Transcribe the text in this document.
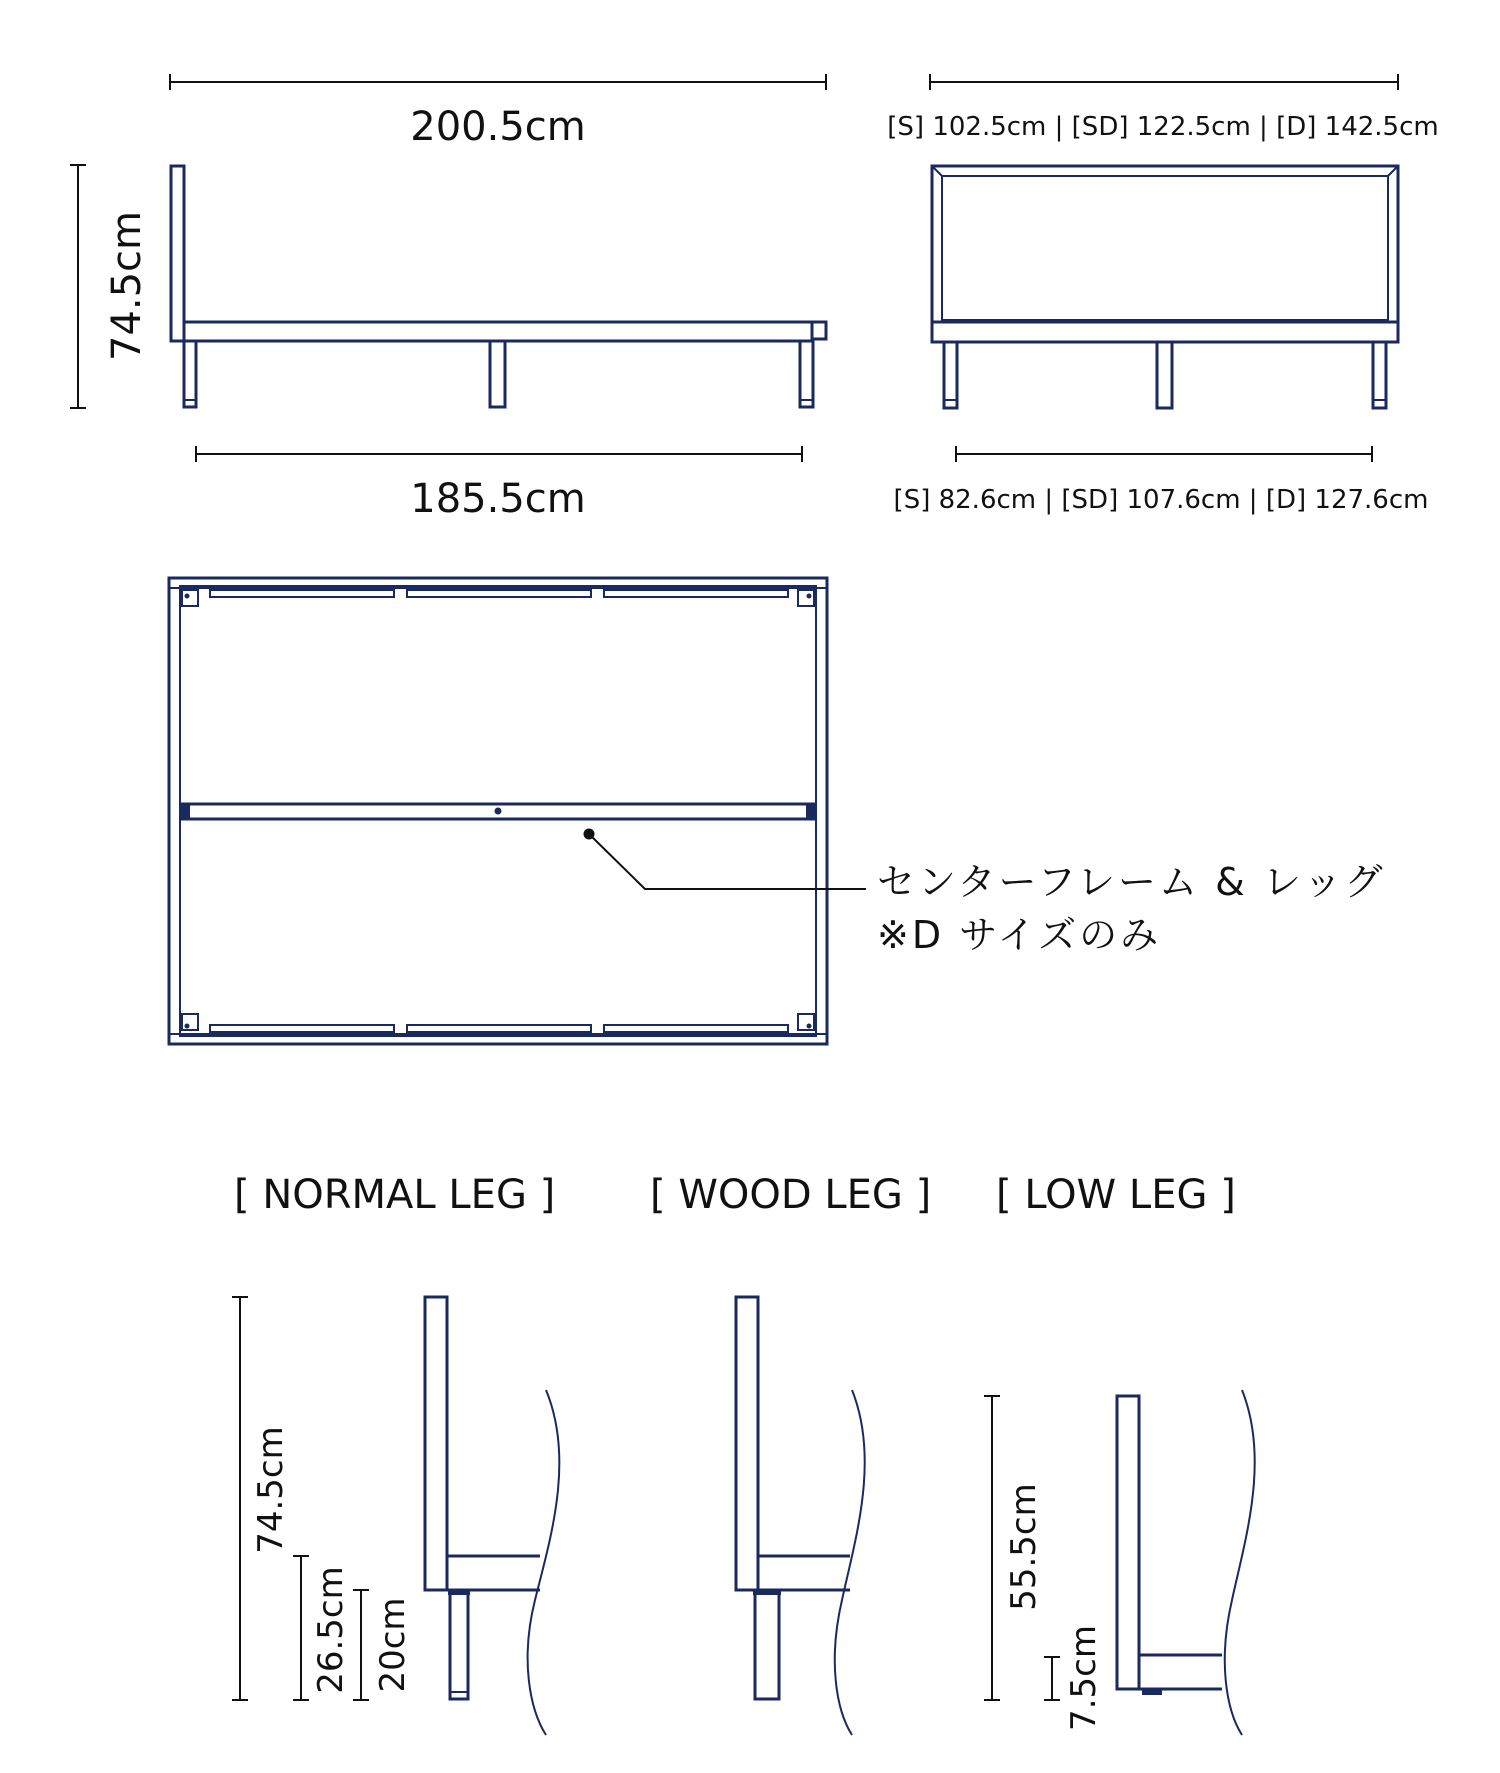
200.5cm
74.5cm
185.5cm
[S] 102.5cm | [SD] 122.5cm | [D] 142.5cm
[S] 82.6cm | [SD] 107.6cm | [D] 127.6cm
センターフレーム & レッグ
※D サイズのみ
[ NORMAL LEG ] [ WOOD LEG ] [ LOW LEG ]
74.5cm
26.5cm 20cm
55.5cm
7.5cm
